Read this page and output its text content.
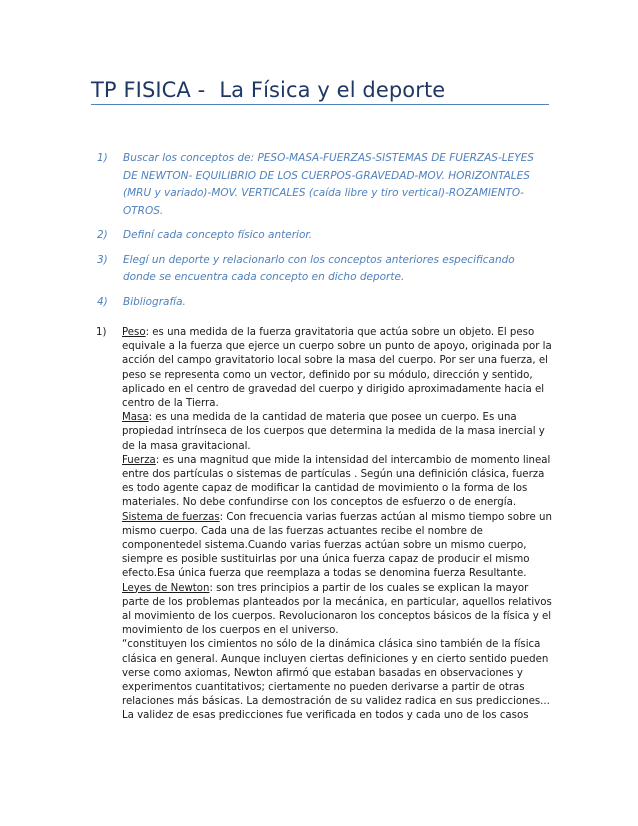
TP FISICA - La Física y el deporte
1)	Buscar los conceptos de: PESO-MASA-FUERZAS-SISTEMAS DE FUERZAS-LEYES DE NEWTON- EQUILIBRIO DE LOS CUERPOS-GRAVEDAD-MOV. HORIZONTALES (MRU y variado)-MOV. VERTICALES (caída libre y tiro vertical)-ROZAMIENTO-OTROS.
2)	Definí cada concepto físico anterior.
3)	Elegí un deporte y relacionarlo con los conceptos anteriores especificando donde se encuentra cada concepto en dicho deporte.
4)	Bibliografía.
1)	Peso: es una medida de la fuerza gravitatoria que actúa sobre un objeto. El peso equivale a la fuerza que ejerce un cuerpo sobre un punto de apoyo, originada por la acción del campo gravitatorio local sobre la masa del cuerpo. Por ser una fuerza, el peso se representa como un vector, definido por su módulo, dirección y sentido, aplicado en el centro de gravedad del cuerpo y dirigido aproximadamente hacia el centro de la Tierra.

Masa: es una medida de la cantidad de materia que posee un cuerpo. Es una propiedad intrínseca de los cuerpos que determina la medida de la masa inercial y de la masa gravitacional.

Fuerza: es una magnitud que mide la intensidad del intercambio de momento lineal entre dos partículas o sistemas de partículas . Según una definición clásica, fuerza es todo agente capaz de modificar la cantidad de movimiento o la forma de los materiales. No debe confundirse con los conceptos de esfuerzo o de energía.

Sistema de fuerzas: Con frecuencia varias fuerzas actúan al mismo tiempo sobre un mismo cuerpo. Cada una de las fuerzas actuantes recibe el nombre de componentedel sistema.Cuando varias fuerzas actúan sobre un mismo cuerpo, siempre es posible sustituirlas por una única fuerza capaz de producir el mismo efecto.Esa única fuerza que reemplaza a todas se denomina fuerza Resultante.

Leyes de Newton: son tres principios a partir de los cuales se explican la mayor parte de los problemas planteados por la mecánica, en particular, aquellos relativos al movimiento de los cuerpos. Revolucionaron los conceptos básicos de la física y el movimiento de los cuerpos en el universo.

“constituyen los cimientos no sólo de la dinámica clásica sino también de la física clásica en general. Aunque incluyen ciertas definiciones y en cierto sentido pueden verse como axiomas, Newton afirmó que estaban basadas en observaciones y experimentos cuantitativos; ciertamente no pueden derivarse a partir de otras relaciones más básicas. La demostración de su validez radica en sus predicciones... La validez de esas predicciones fue verificada en todos y cada uno de los casos
